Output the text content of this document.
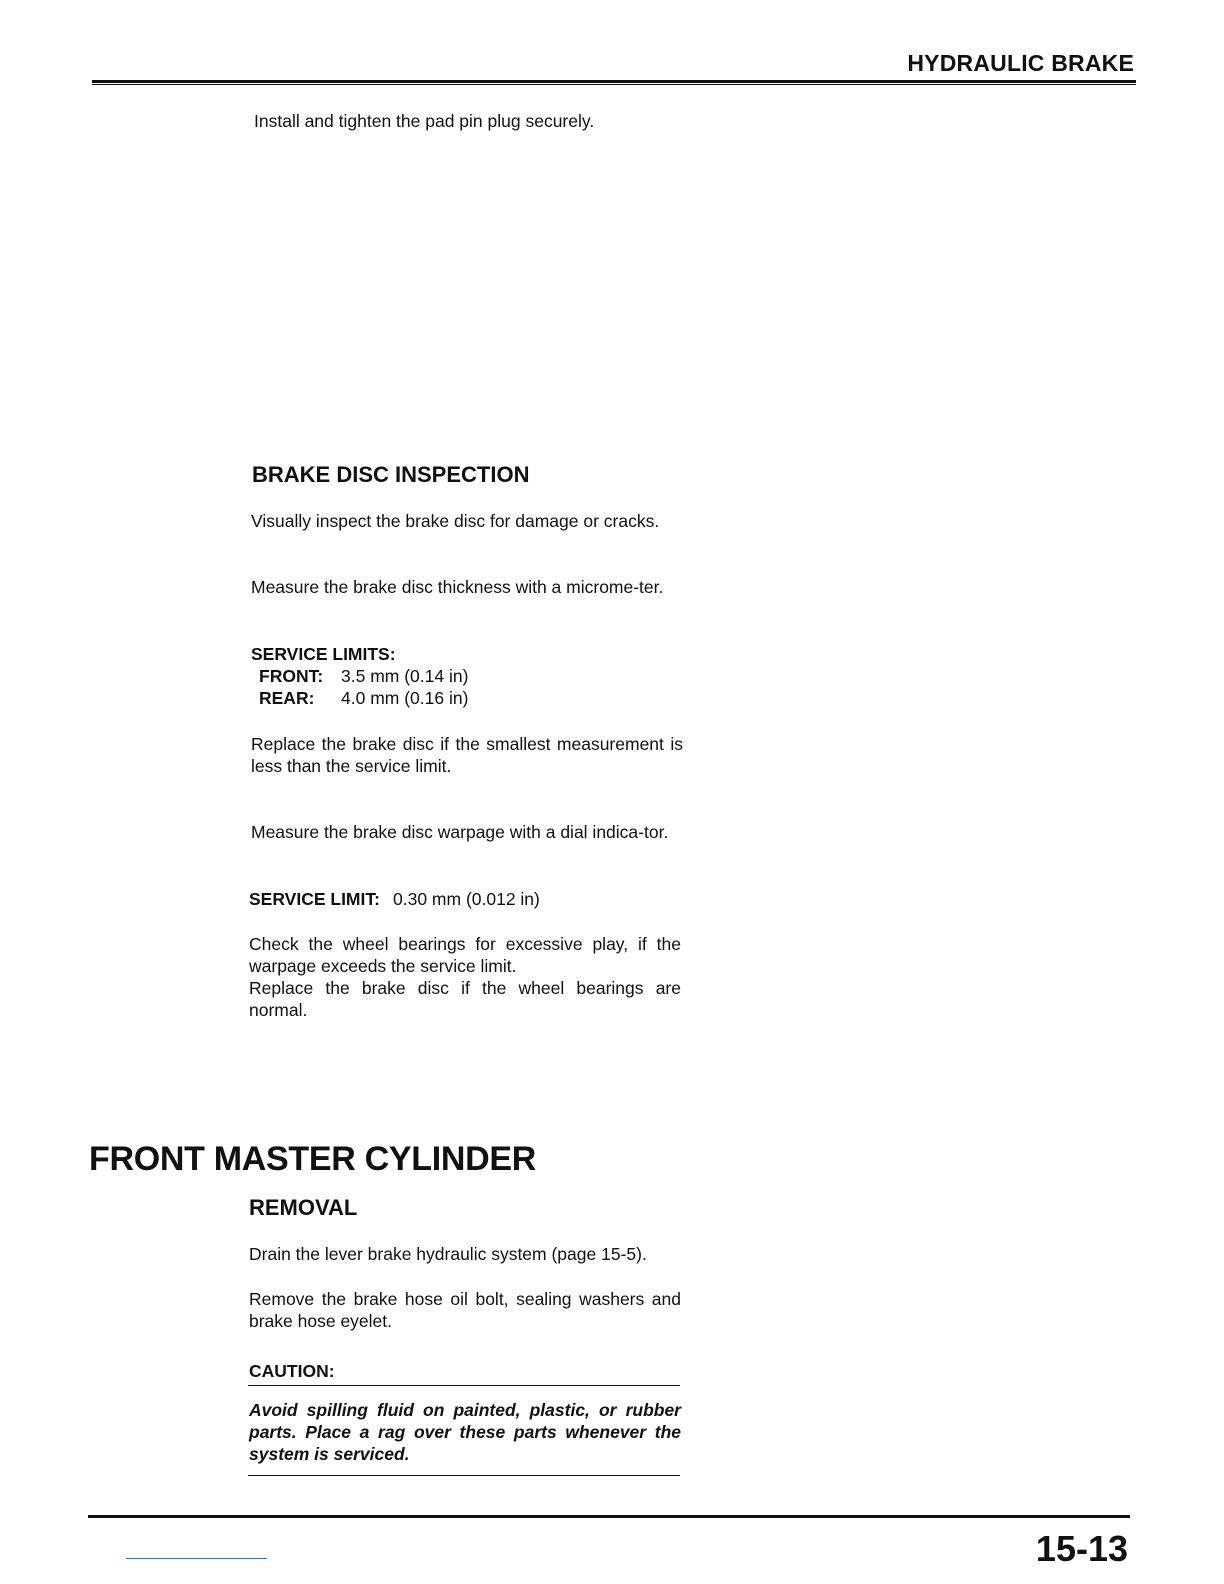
HYDRAULIC BRAKE
Install and tighten the pad pin plug securely.
BRAKE DISC INSPECTION
Visually inspect the brake disc for damage or cracks.
Measure the brake disc thickness with a microme-ter.
SERVICE LIMITS:
FRONT: 3.5 mm (0.14 in)
REAR: 4.0 mm (0.16 in)
Replace the brake disc if the smallest measurement is less than the service limit.
Measure the brake disc warpage with a dial indica-tor.
SERVICE LIMIT: 0.30 mm (0.012 in)
Check the wheel bearings for excessive play, if the warpage exceeds the service limit.
Replace the brake disc if the wheel bearings are normal.
FRONT MASTER CYLINDER
REMOVAL
Drain the lever brake hydraulic system (page 15-5).
Remove the brake hose oil bolt, sealing washers and brake hose eyelet.
CAUTION:
Avoid spilling fluid on painted, plastic, or rubber parts. Place a rag over these parts whenever the system is serviced.
15-13
